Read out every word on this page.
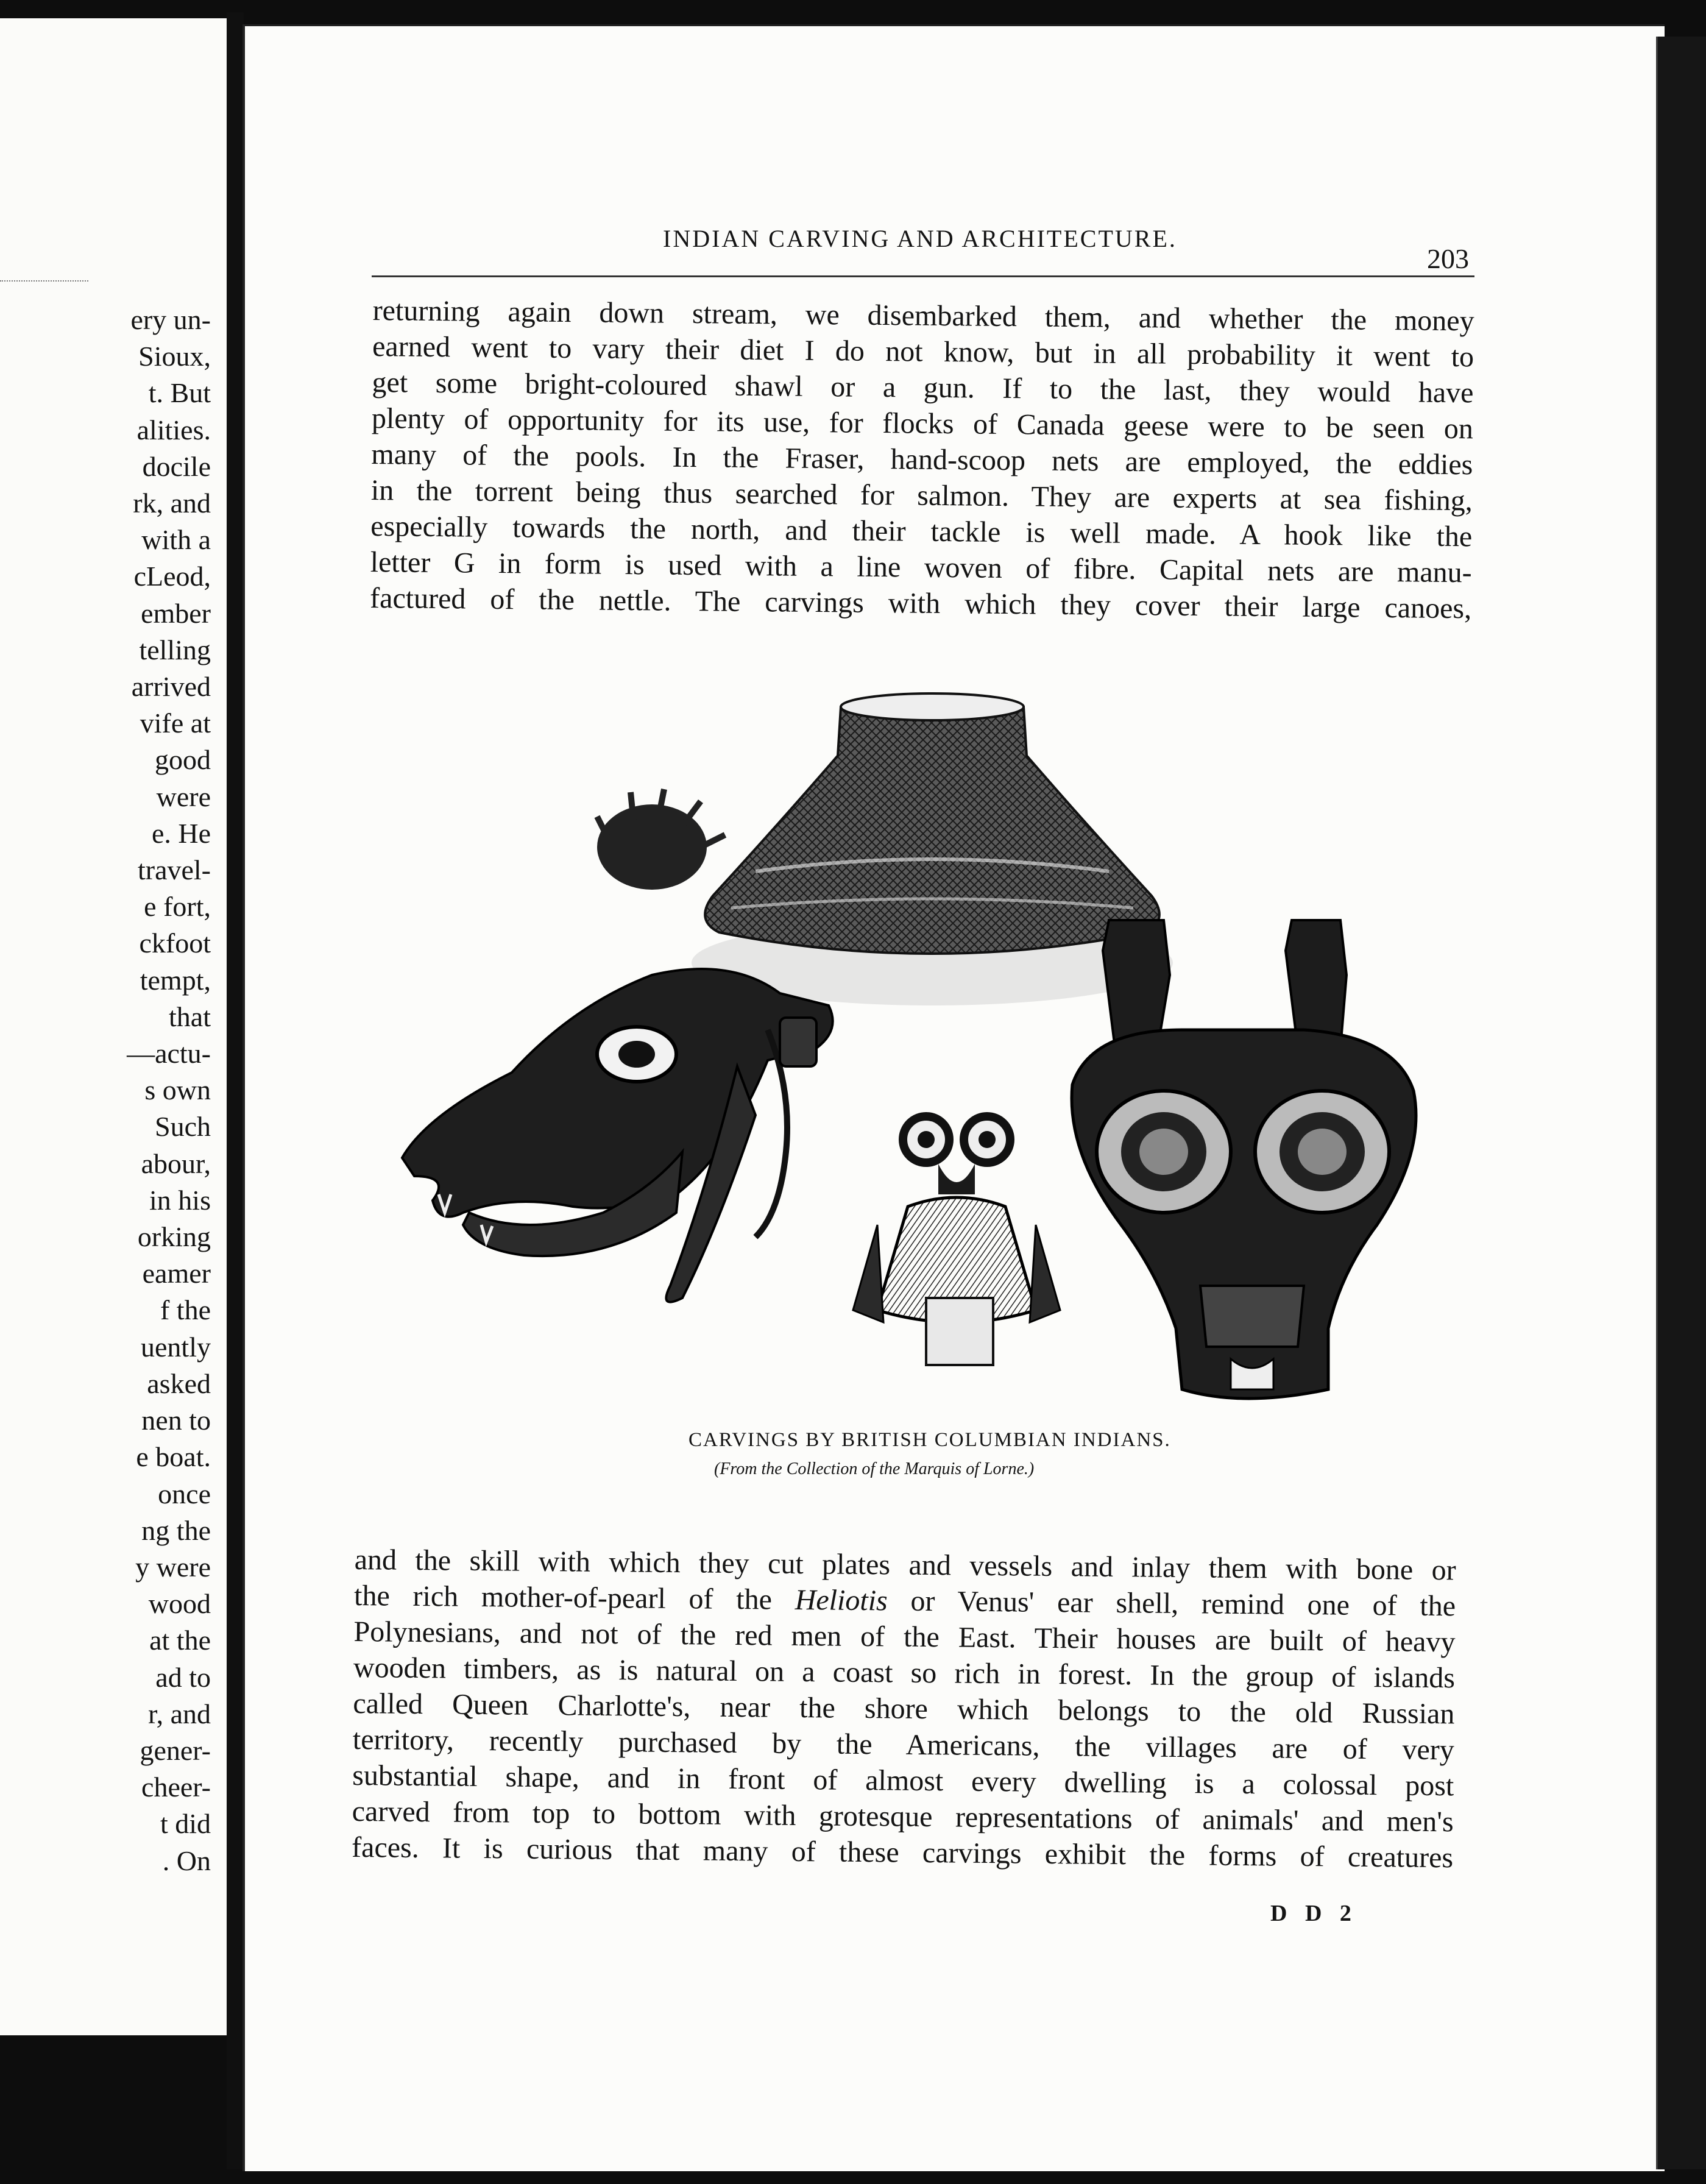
ery un-
Sioux,
t. But
alities.
docile
rk, and
with a
cLeod,
ember
telling
arrived
vife at
good
were
e. He
travel-
e fort,
ckfoot
tempt,
that
—actu-
s own
Such
abour,
in his
orking
eamer
f the
uently
asked
nen to
e boat.
once
ng the
y were
wood
at the
ad to
r, and
gener-
cheer-
t did
. On
INDIAN CARVING AND ARCHITECTURE.
203
returning again down stream, we disembarked them, and whether the money
earned went to vary their diet I do not know, but in all probability it went to
get some bright-coloured shawl or a gun. If to the last, they would have
plenty of opportunity for its use, for flocks of Canada geese were to be seen on
many of the pools. In the Fraser, hand-scoop nets are employed, the eddies
in the torrent being thus searched for salmon. They are experts at sea fishing,
especially towards the north, and their tackle is well made. A hook like the
letter G in form is used with a line woven of fibre. Capital nets are manu-
factured of the nettle. The carvings with which they cover their large canoes,
CARVINGS BY BRITISH COLUMBIAN INDIANS.
(From the Collection of the Marquis of Lorne.)
and the skill with which they cut plates and vessels and inlay them with bone or
the rich mother-of-pearl of the Heliotis or Venus' ear shell, remind one of the
Polynesians, and not of the red men of the East. Their houses are built of heavy
wooden timbers, as is natural on a coast so rich in forest. In the group of islands
called Queen Charlotte's, near the shore which belongs to the old Russian
territory, recently purchased by the Americans, the villages are of very
substantial shape, and in front of almost every dwelling is a colossal post
carved from top to bottom with grotesque representations of animals' and men's
faces. It is curious that many of these carvings exhibit the forms of creatures
D D 2
